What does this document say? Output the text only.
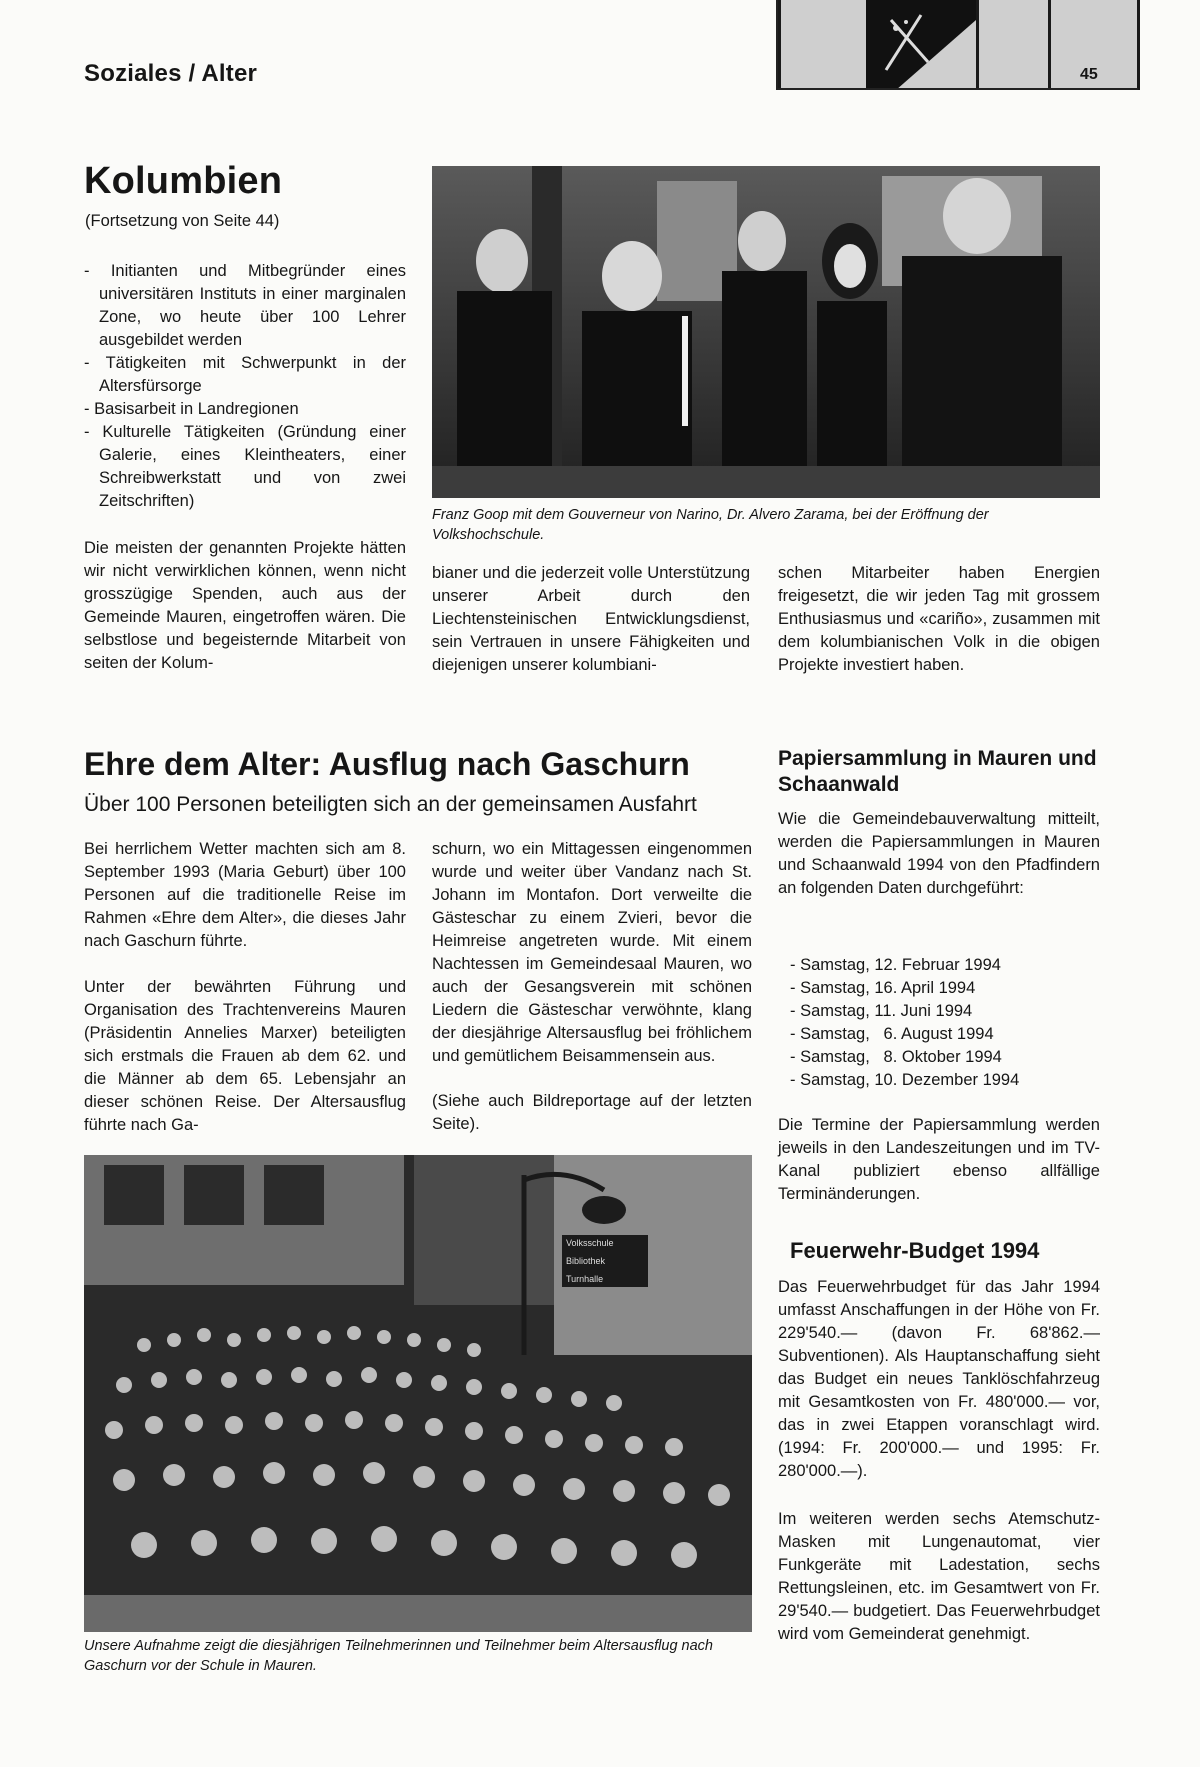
Soziales / Alter	45
Kolumbien
(Fortsetzung von Seite 44)

- Initianten und Mitbegründer eines universitären Instituts in einer marginalen Zone, wo heute über 100 Lehrer ausgebildet werden

- Tätigkeiten mit Schwerpunkt in der Altersfürsorge

- Basisarbeit in Landregionen

- Kulturelle Tätigkeiten (Gründung einer Galerie, eines Kleintheaters, einer Schreibwerkstatt und von zwei Zeitschriften)

Die meisten der genannten Projekte hätten wir nicht verwirklichen können, wenn nicht grosszügige Spenden, auch aus der Gemeinde Mauren, eingetroffen wären. Die selbstlose und begeisternde Mitarbeit von seiten der Kolum-

Franz Goop mit dem Gouverneur von Narino, Dr. Alvero Zarama, bei der Eröffnung der Volkshochschule.

bianer und die jederzeit volle Unterstützung unserer Arbeit durch den Liechtensteinischen Entwicklungsdienst, sein Vertrauen in unsere Fähigkeiten und diejenigen unserer kolumbiani-

schen Mitarbeiter haben Energien freigesetzt, die wir jeden Tag mit grossem Enthusiasmus und «cariño», zusammen mit dem kolumbianischen Volk in die obigen Projekte investiert haben.

Ehre dem Alter: Ausflug nach Gaschurn
Über 100 Personen beteiligten sich an der gemeinsamen Ausfahrt

Bei herrlichem Wetter machten sich am 8. September 1993 (Maria Geburt) über 100 Personen auf die traditionelle Reise im Rahmen «Ehre dem Alter», die dieses Jahr nach Gaschurn führte.

Unter der bewährten Führung und Organisation des Trachtenvereins Mauren (Präsidentin Annelies Marxer) beteiligten sich erstmals die Frauen ab dem 62. und die Männer ab dem 65. Lebensjahr an dieser schönen Reise. Der Altersausflug führte nach Ga-

schurn, wo ein Mittagessen eingenommen wurde und weiter über Vandanz nach St. Johann im Montafon. Dort verweilte die Gästeschar zu einem Zvieri, bevor die Heimreise angetreten wurde. Mit einem Nachtessen im Gemeindesaal Mauren, wo auch der Gesangsverein mit schönen Liedern die Gästeschar verwöhnte, klang der diesjährige Altersausflug bei fröhlichem und gemütlichem Beisammensein aus.

(Siehe auch Bildreportage auf der letzten Seite).

Volksschule
Bibliothek
Turnhalle

Unsere Aufnahme zeigt die diesjährigen Teilnehmerinnen und Teilnehmer beim Altersausflug nach Gaschurn vor der Schule in Mauren.

Papiersammlung in Mauren und Schaanwald

Wie die Gemeindebauverwaltung mitteilt, werden die Papiersammlungen in Mauren und Schaanwald 1994 von den Pfadfindern an folgenden Daten durchgeführt:

- Samstag, 12. Februar 1994
- Samstag, 16. April 1994
- Samstag, 11. Juni 1994
- Samstag,   6. August 1994
- Samstag,   8. Oktober 1994
- Samstag, 10. Dezember 1994

Die Termine der Papiersammlung werden jeweils in den Landeszeitungen und im TV-Kanal publiziert ebenso allfällige Terminänderungen.

Feuerwehr-Budget 1994

Das Feuerwehrbudget für das Jahr 1994 umfasst Anschaffungen in der Höhe von Fr. 229'540.— (davon Fr. 68'862.— Subventionen). Als Hauptanschaffung sieht das Budget ein neues Tanklöschfahrzeug mit Gesamtkosten von Fr. 480'000.— vor, das in zwei Etappen voranschlagt wird. (1994: Fr. 200'000.— und 1995: Fr. 280'000.—).

Im weiteren werden sechs Atemschutz-Masken mit Lungenautomat, vier Funkgeräte mit Ladestation, sechs Rettungsleinen, etc. im Gesamtwert von Fr. 29'540.— budgetiert. Das Feuerwehrbudget wird vom Gemeinderat genehmigt.
